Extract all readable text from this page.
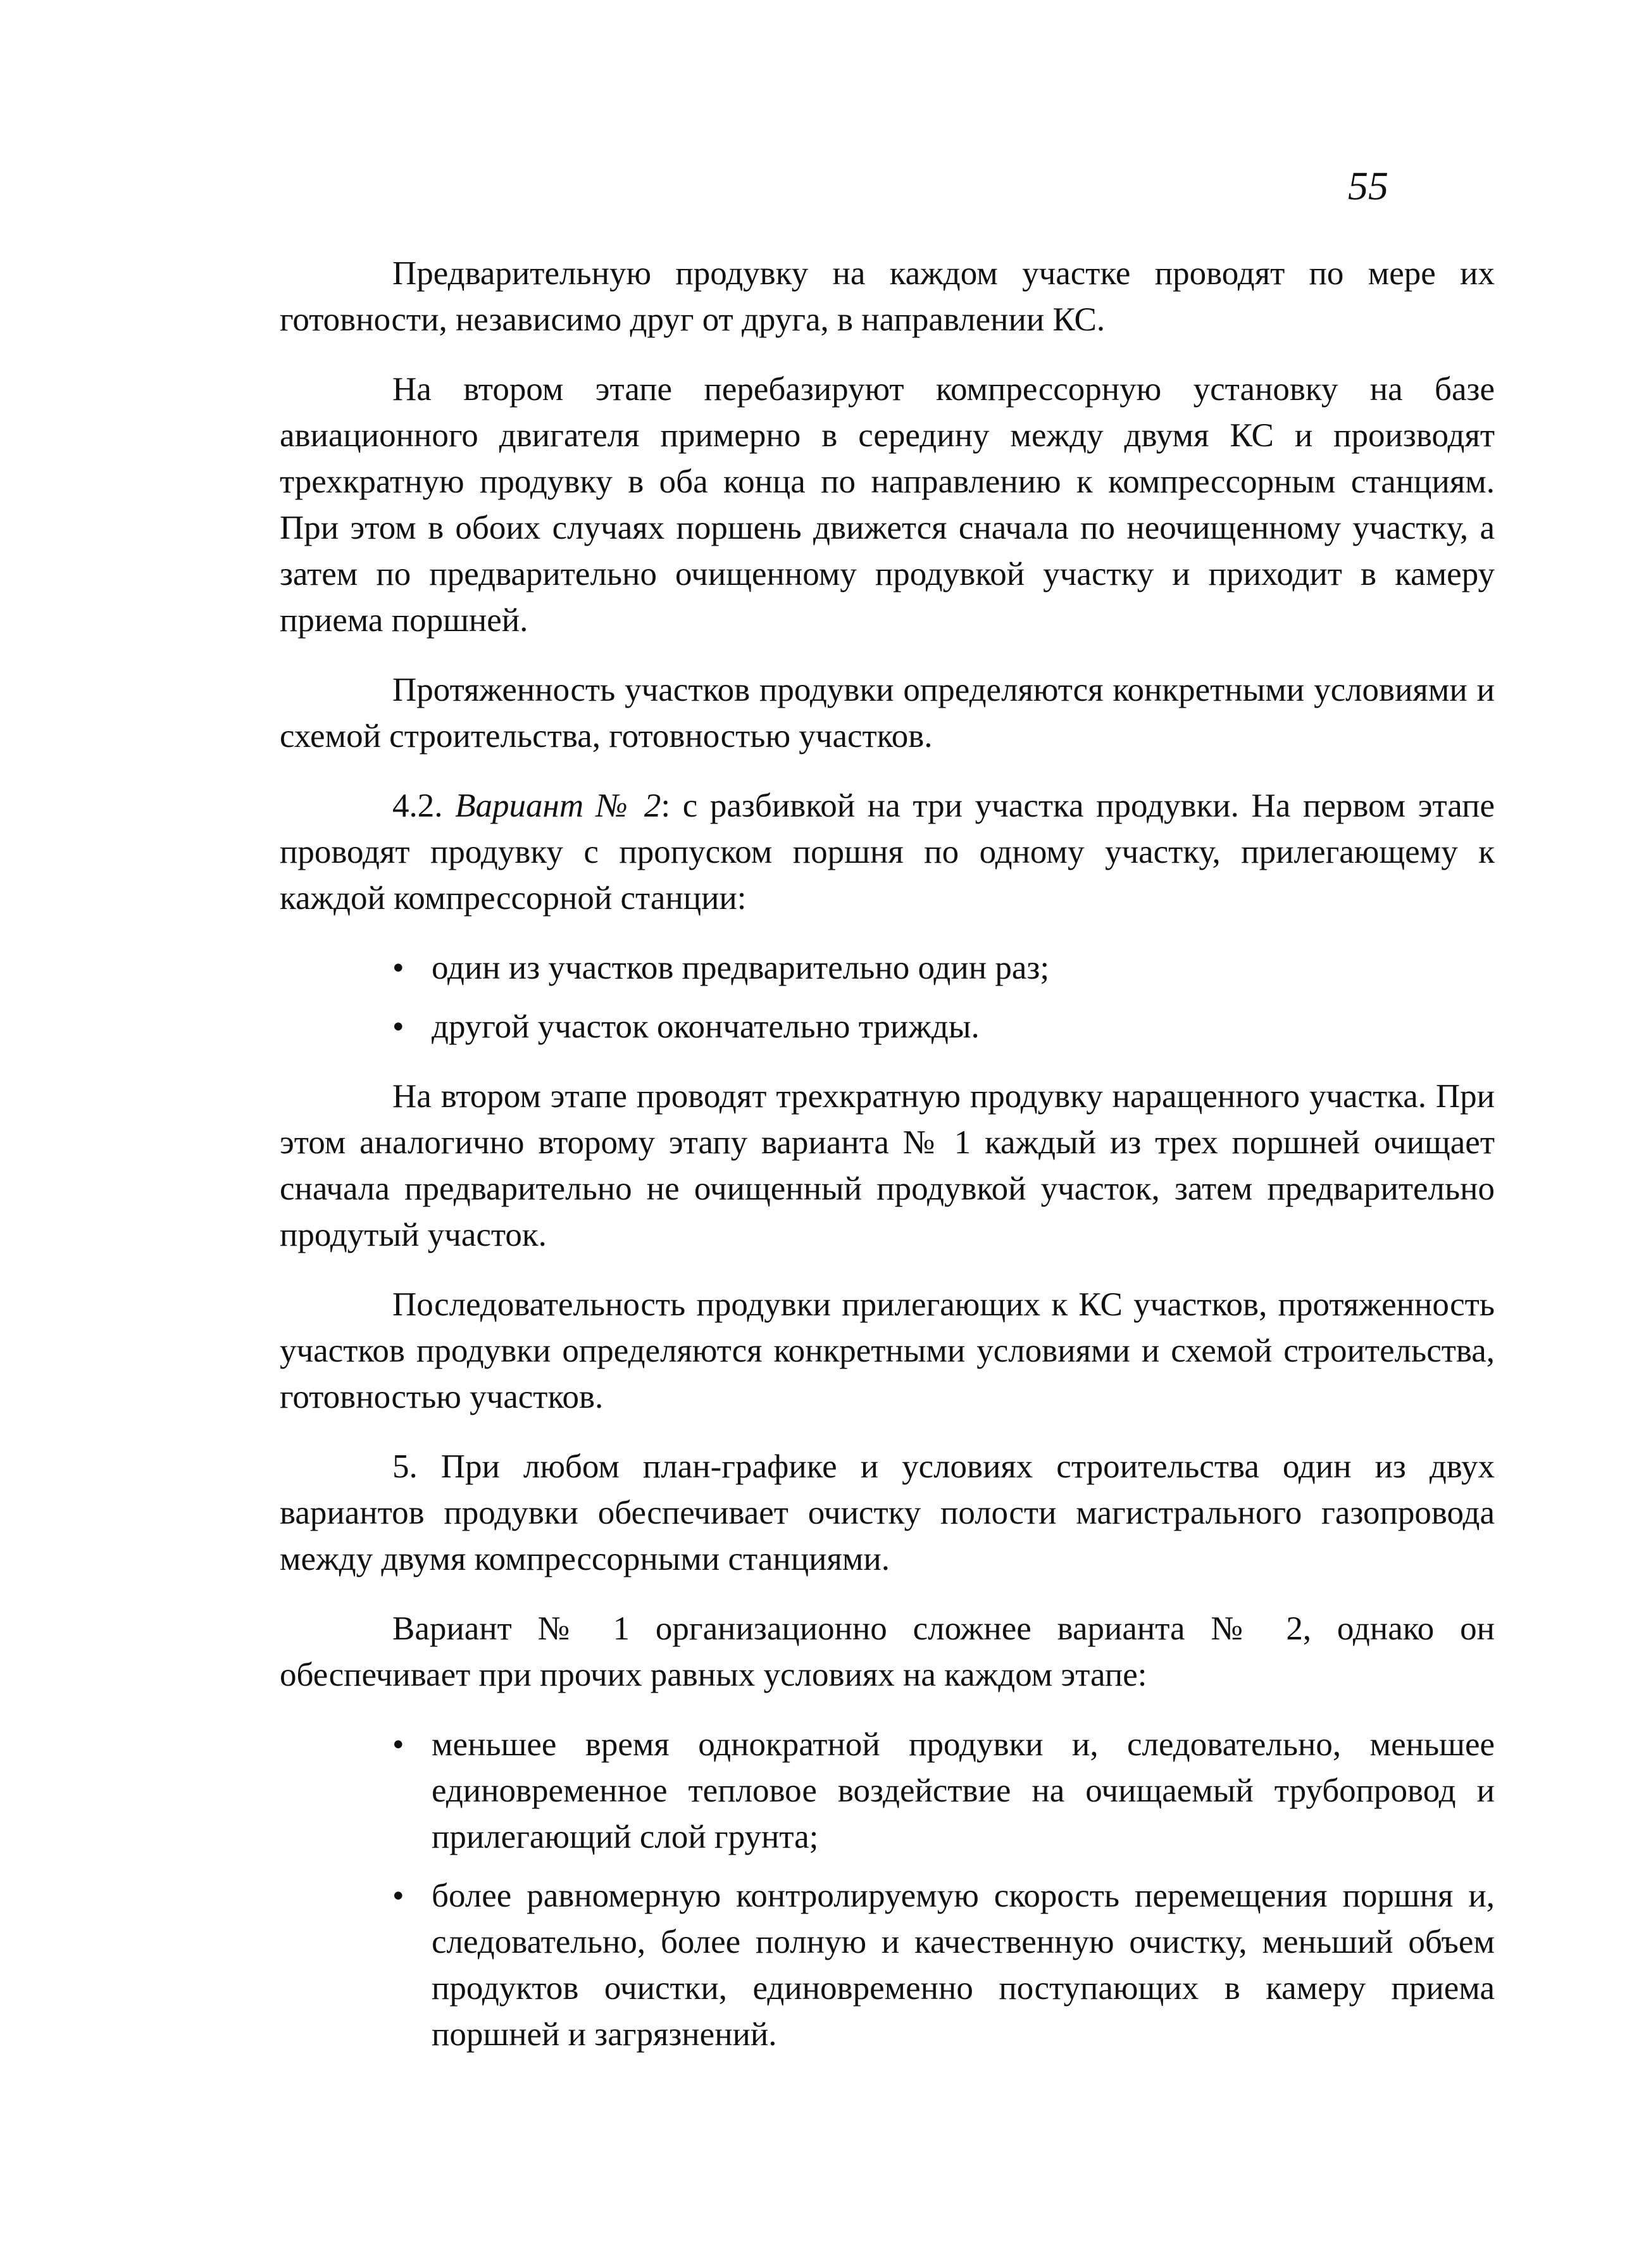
55

Предварительную продувку на каждом участке проводят по мере их готовности, независимо друг от друга, в направлении КС.

На втором этапе перебазируют компрессорную установку на базе авиационного двигателя примерно в середину между двумя КС и производят трехкратную продувку в оба конца по направлению к компрессорным станциям. При этом в обоих случаях поршень движется сначала по неочищенному участку, а затем по предварительно очищенному продувкой участку и приходит в камеру приема поршней.

Протяженность участков продувки определяются конкретными условиями и схемой строительства, готовностью участков.

4.2. Вариант № 2: с разбивкой на три участка продувки. На первом этапе проводят продувку с пропуском поршня по одному участку, прилегающему к каждой компрессорной станции:

• один из участков предварительно один раз;
• другой участок окончательно трижды.

На втором этапе проводят трехкратную продувку наращенного участка. При этом аналогично второму этапу варианта № 1 каждый из трех поршней очищает сначала предварительно не очищенный продувкой участок, затем предварительно продутый участок.

Последовательность продувки прилегающих к КС участков, протяженность участков продувки определяются конкретными условиями и схемой строительства, готовностью участков.

5. При любом план-графике и условиях строительства один из двух вариантов продувки обеспечивает очистку полости магистрального газопровода между двумя компрессорными станциями.

Вариант № 1 организационно сложнее варианта № 2, однако он обеспечивает при прочих равных условиях на каждом этапе:

• меньшее время однократной продувки и, следовательно, меньшее единовременное тепловое воздействие на очищаемый трубопровод и прилегающий слой грунта;
• более равномерную контролируемую скорость перемещения поршня и, следовательно, более полную и качественную очистку, меньший объем продуктов очистки, единовременно поступающих в камеру приема поршней и загрязнений.
